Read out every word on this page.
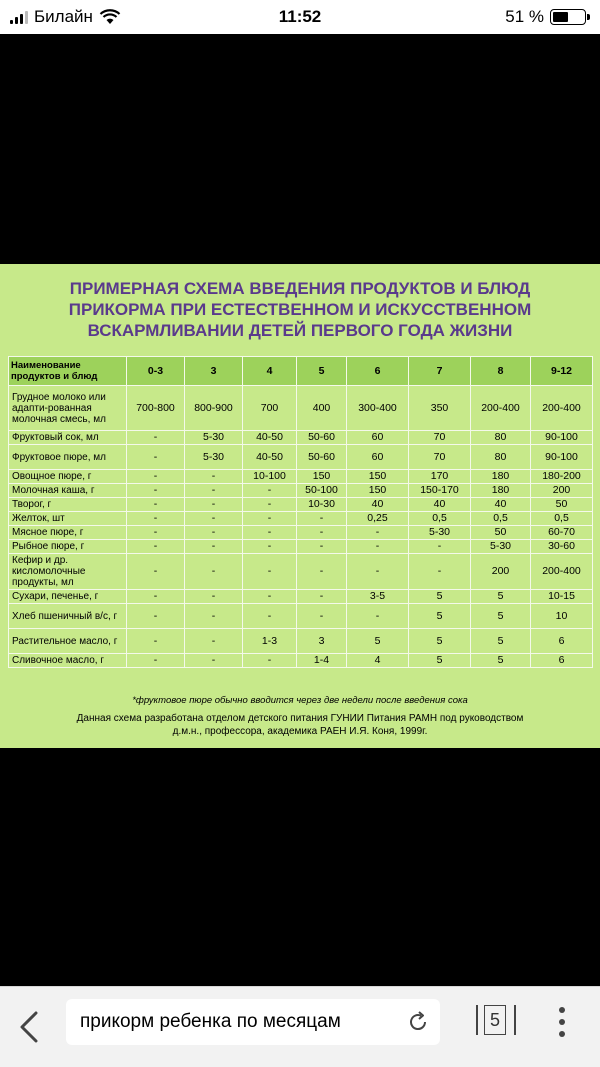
Билайн	11:52	51 %
ПРИМЕРНАЯ СХЕМА ВВЕДЕНИЯ ПРОДУКТОВ И БЛЮД
ПРИКОРМА ПРИ ЕСТЕСТВЕННОМ И ИСКУССТВЕННОМ
ВСКАРМЛИВАНИИ ДЕТЕЙ ПЕРВОГО ГОДА ЖИЗНИ
Наименование продуктов и блюд	0-3	3	4	5	6	7	8	9-12
Грудное молоко или адапти-рованная молочная смесь, мл	700-800	800-900	700	400	300-400	350	200-400	200-400
Фруктовый сок, мл	-	5-30	40-50	50-60	60	70	80	90-100
Фруктовое пюре, мл	-	5-30	40-50	50-60	60	70	80	90-100
Овощное пюре, г	-	-	10-100	150	150	170	180	180-200
Молочная каша, г	-	-	-	50-100	150	150-170	180	200
Творог, г	-	-	-	10-30	40	40	40	50
Желток, шт	-	-	-	-	0,25	0,5	0,5	0,5
Мясное пюре, г	-	-	-	-	-	5-30	50	60-70
Рыбное пюре, г	-	-	-	-	-	-	5-30	30-60
Кефир и др. кисломолочные продукты, мл	-	-	-	-	-	-	200	200-400
Сухари, печенье, г	-	-	-	-	3-5	5	5	10-15
Хлеб пшеничный в/с, г	-	-	-	-	-	5	5	10
Растительное масло, г	-	-	1-3	3	5	5	5	6
Сливочное масло, г	-	-	-	1-4	4	5	5	6
*фруктовое пюре обычно вводится через две недели после введения сока
Данная схема разработана отделом детского питания ГУНИИ Питания РАМН под руководством
д.м.н., профессора, академика РАЕН И.Я. Коня, 1999г.
прикорм ребенка по месяцам	5
